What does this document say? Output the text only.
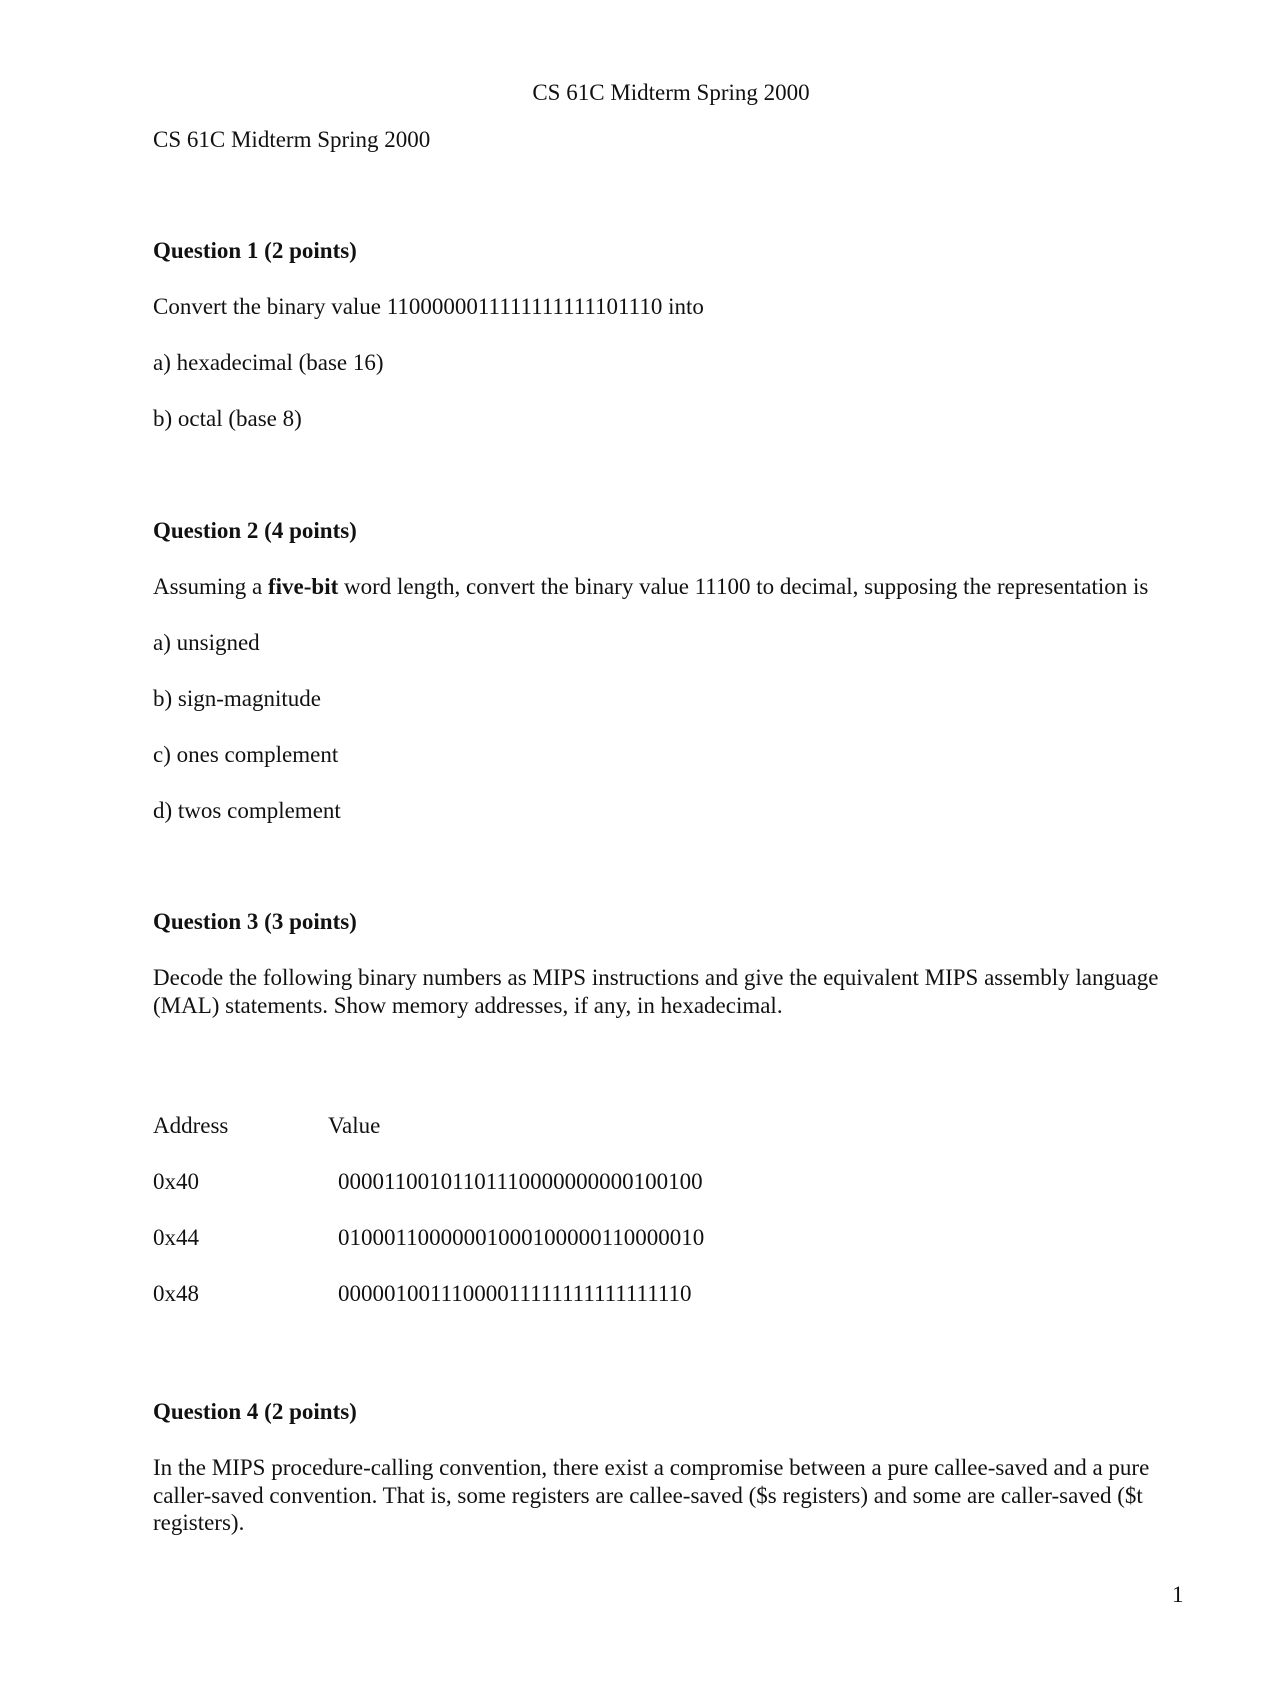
CS 61C Midterm Spring 2000
CS 61C Midterm Spring 2000
Question 1 (2 points)
Convert the binary value 1100000011111111111101110 into
a) hexadecimal (base 16)
b) octal (base 8)
Question 2 (4 points)
Assuming a five-bit word length, convert the binary value 11100 to decimal, supposing the representation is
a) unsigned
b) sign-magnitude
c) ones complement
d) twos complement
Question 3 (3 points)
Decode the following binary numbers as MIPS instructions and give the equivalent MIPS assembly language (MAL) statements. Show memory addresses, if any, in hexadecimal.
Address	Value
0x40	00001100101101110000000000100100
0x44	01000110000001000100000110000010
0x48	00000100111000011111111111111110
Question 4 (2 points)
In the MIPS procedure-calling convention, there exist a compromise between a pure callee-saved and a pure caller-saved convention. That is, some registers are callee-saved ($s registers) and some are caller-saved ($t registers).
1
